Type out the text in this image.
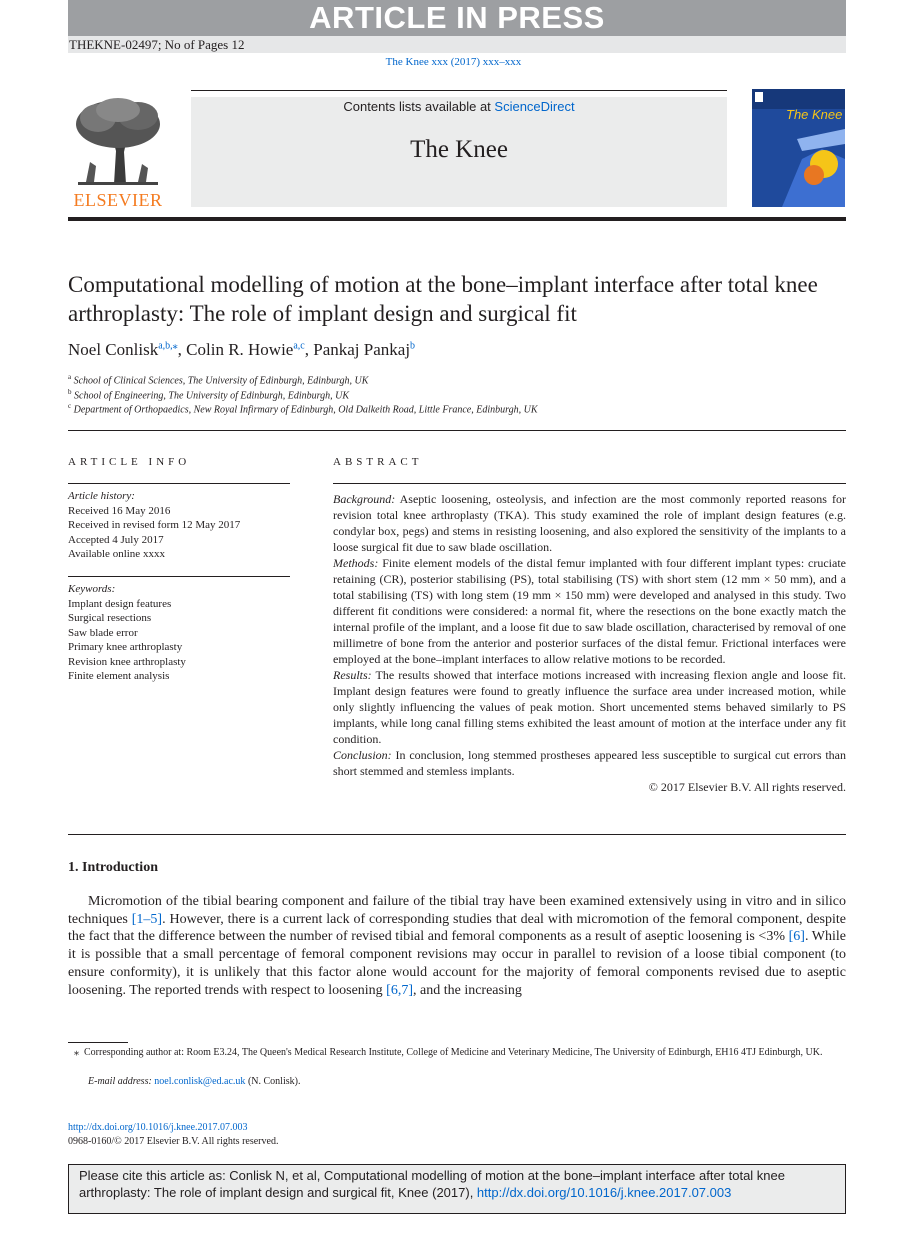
ARTICLE IN PRESS
THEKNE-02497; No of Pages 12
The Knee xxx (2017) xxx–xxx
ELSEVIER
Contents lists available at ScienceDirect
The Knee
The Knee
Computational modelling of motion at the bone–implant interface after total knee arthroplasty: The role of implant design and surgical fit
Noel Conlisk$^{a,b,⁎}$, Colin R. Howie$^{a,c}$, Pankaj Pankaj$^b$
$^a$ School of Clinical Sciences, The University of Edinburgh, Edinburgh, UK
$^b$ School of Engineering, The University of Edinburgh, Edinburgh, UK
$^c$ Department of Orthopaedics, New Royal Infirmary of Edinburgh, Old Dalkeith Road, Little France, Edinburgh, UK
ARTICLE INFO
Article history:
Received 16 May 2016
Received in revised form 12 May 2017
Accepted 4 July 2017
Available online xxxx
Keywords:
Implant design features
Surgical resections
Saw blade error
Primary knee arthroplasty
Revision knee arthroplasty
Finite element analysis
ABSTRACT

Background: Aseptic loosening, osteolysis, and infection are the most commonly reported reasons for revision total knee arthroplasty (TKA). This study examined the role of implant design features (e.g. condylar box, pegs) and stems in resisting loosening, and also explored the sensitivity of the implants to a loose surgical fit due to saw blade oscillation.

Methods: Finite element models of the distal femur implanted with four different implant types: cruciate retaining (CR), posterior stabilising (PS), total stabilising (TS) with short stem (12 mm × 50 mm), and a total stabilising (TS) with long stem (19 mm × 150 mm) were developed and analysed in this study. Two different fit conditions were considered: a normal fit, where the resections on the bone exactly match the internal profile of the implant, and a loose fit due to saw blade oscillation, characterised by removal of one millimetre of bone from the anterior and posterior surfaces of the distal femur. Frictional interfaces were employed at the bone–implant interfaces to allow relative motions to be recorded.

Results: The results showed that interface motions increased with increasing flexion angle and loose fit. Implant design features were found to greatly influence the surface area under increased motion, while only slightly influencing the values of peak motion. Short uncemented stems behaved similarly to PS implants, while long canal filling stems exhibited the least amount of motion at the interface under any fit condition.

Conclusion: In conclusion, long stemmed prostheses appeared less susceptible to surgical cut errors than short stemmed and stemless implants.

© 2017 Elsevier B.V. All rights reserved.

1. Introduction

Micromotion of the tibial bearing component and failure of the tibial tray have been examined extensively using in vitro and in silico techniques [1–5]. However, there is a current lack of corresponding studies that deal with micromotion of the femoral component, despite the fact that the difference between the number of revised tibial and femoral components as a result of aseptic loosening is <3% [6]. While it is possible that a small percentage of femoral component revisions may occur in parallel to revision of a loose tibial component (to ensure conformity), it is unlikely that this factor alone would account for the majority of femoral components revised due to aseptic loosening. The reported trends with respect to loosening [6,7], and the increasing

⁎ Corresponding author at: Room E3.24, The Queen's Medical Research Institute, College of Medicine and Veterinary Medicine, The University of Edinburgh, EH16 4TJ Edinburgh, UK.
E-mail address: noel.conlisk@ed.ac.uk (N. Conlisk).
http://dx.doi.org/10.1016/j.knee.2017.07.003
0968-0160/© 2017 Elsevier B.V. All rights reserved.
Please cite this article as: Conlisk N, et al, Computational modelling of motion at the bone–implant interface after total knee arthroplasty: The role of implant design and surgical fit, Knee (2017), http://dx.doi.org/10.1016/j.knee.2017.07.003
